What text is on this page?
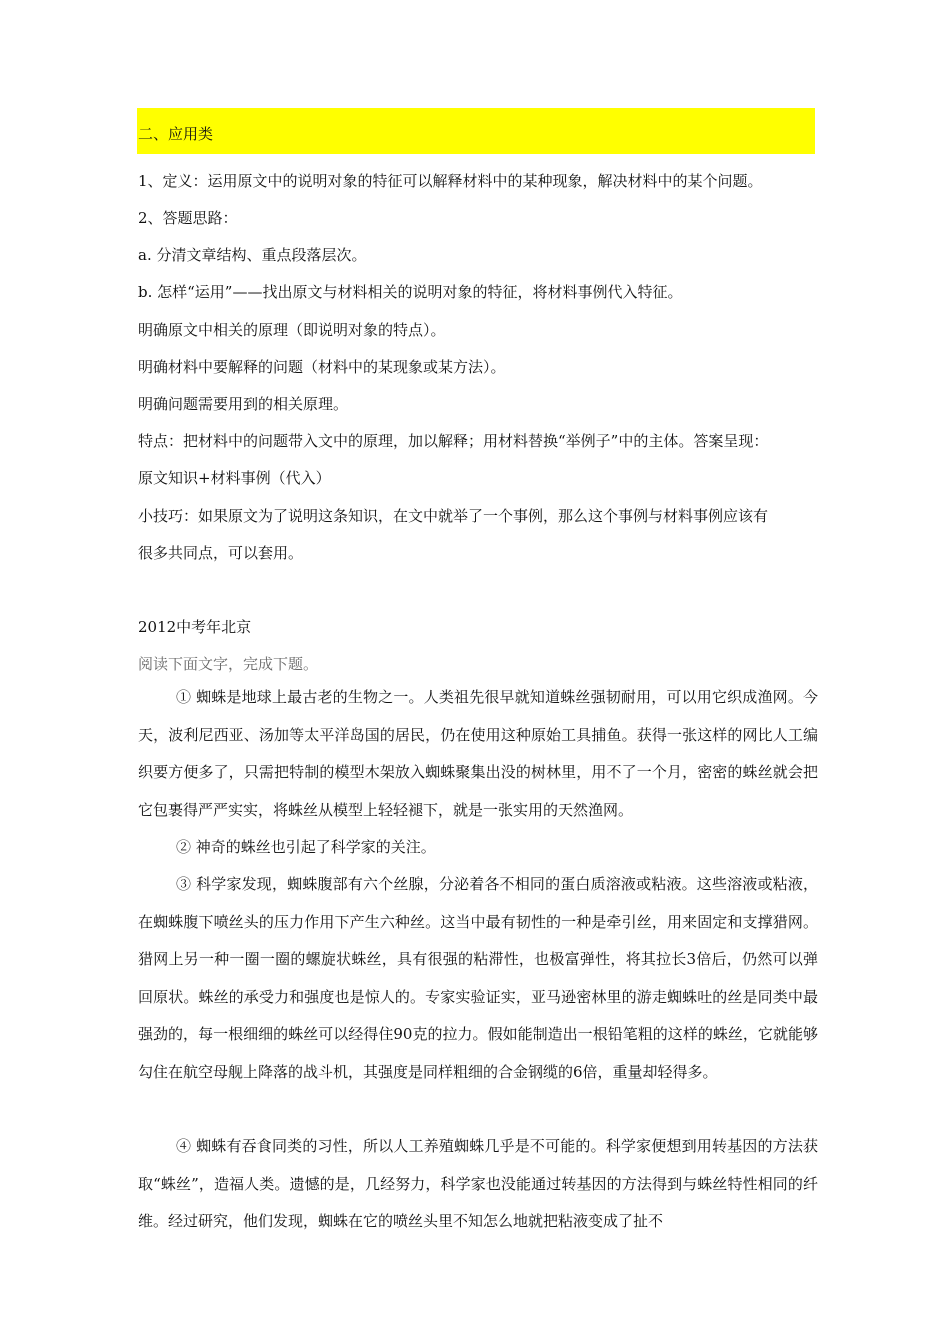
二、应用类
1、定义：运用原文中的说明对象的特征可以解释材料中的某种现象，解决材料中的某个问题。
2、答题思路：
a. 分清文章结构、重点段落层次。
b. 怎样“运用”——找出原文与材料相关的说明对象的特征，将材料事例代入特征。
明确原文中相关的原理（即说明对象的特点）。
明确材料中要解释的问题（材料中的某现象或某方法）。
明确问题需要用到的相关原理。
特点：把材料中的问题带入文中的原理，加以解释；用材料替换“举例子”中的主体。答案呈现：
原文知识+材料事例（代入）
小技巧：如果原文为了说明这条知识，在文中就举了一个事例，那么这个事例与材料事例应该有
很多共同点，可以套用。
2012中考年北京
阅读下面文字，完成下题。
① 蜘蛛是地球上最古老的生物之一。人类祖先很早就知道蛛丝强韧耐用，可以用它织成渔网。今天，波利尼西亚、汤加等太平洋岛国的居民，仍在使用这种原始工具捕鱼。获得一张这样的网比人工编织要方便多了，只需把特制的模型木架放入蜘蛛聚集出没的树林里，用不了一个月，密密的蛛丝就会把它包裹得严严实实，将蛛丝从模型上轻轻褪下，就是一张实用的天然渔网。
② 神奇的蛛丝也引起了科学家的关注。
③ 科学家发现，蜘蛛腹部有六个丝腺，分泌着各不相同的蛋白质溶液或粘液。这些溶液或粘液，在蜘蛛腹下喷丝头的压力作用下产生六种丝。这当中最有韧性的一种是牵引丝，用来固定和支撑猎网。猎网上另一种一圈一圈的螺旋状蛛丝，具有很强的粘滞性，也极富弹性，将其拉长3倍后，仍然可以弹回原状。蛛丝的承受力和强度也是惊人的。专家实验证实，亚马逊密林里的游走蜘蛛吐的丝是同类中最强劲的，每一根细细的蛛丝可以经得住90克的拉力。假如能制造出一根铅笔粗的这样的蛛丝，它就能够勾住在航空母舰上降落的战斗机，其强度是同样粗细的合金钢缆的6倍，重量却轻得多。
④ 蜘蛛有吞食同类的习性，所以人工养殖蜘蛛几乎是不可能的。科学家便想到用转基因的方法获取“蛛丝”，造福人类。遗憾的是，几经努力，科学家也没能通过转基因的方法得到与蛛丝特性相同的纤维。经过研究，他们发现，蜘蛛在它的喷丝头里不知怎么地就把粘液变成了扯不
